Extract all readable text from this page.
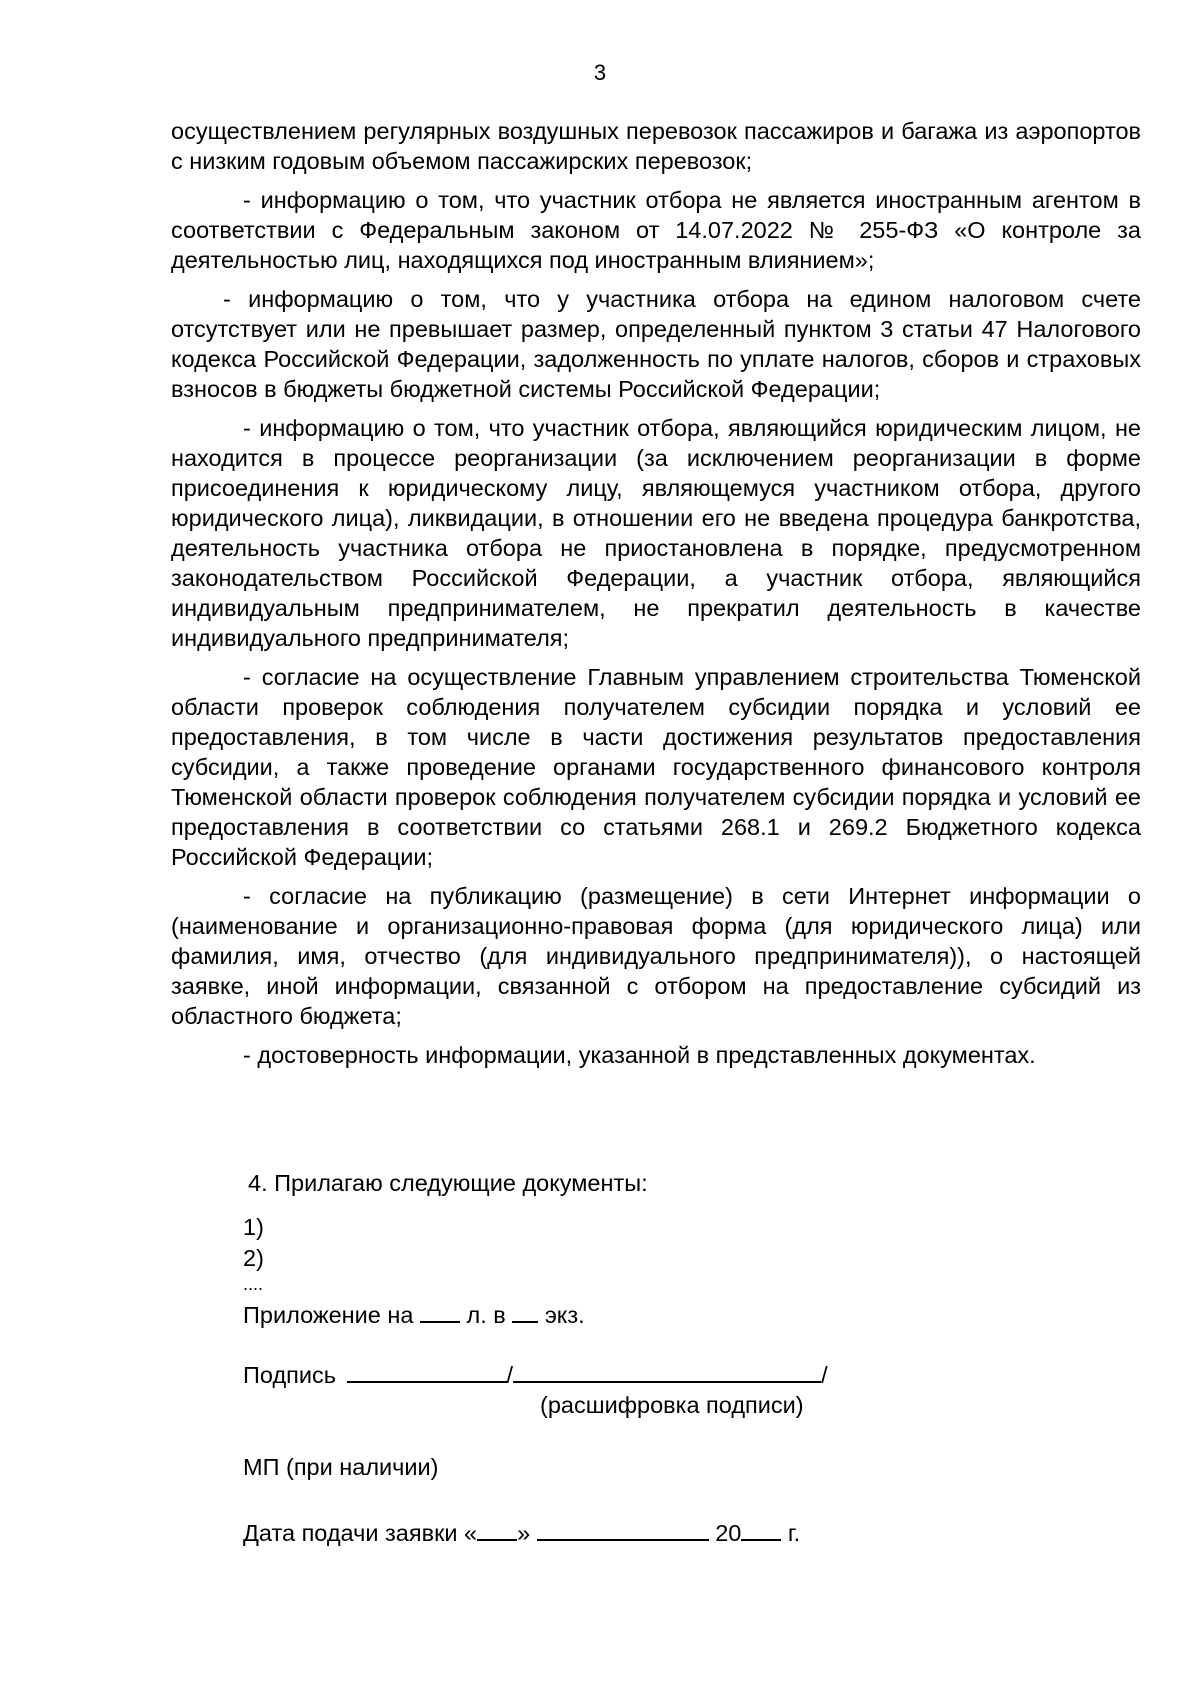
3

осуществлением регулярных воздушных перевозок пассажиров и багажа из аэропортов с низким годовым объемом пассажирских перевозок;

- информацию о том, что участник отбора не является иностранным агентом в соответствии с Федеральным законом от 14.07.2022 № 255-ФЗ «О контроле за деятельностью лиц, находящихся под иностранным влиянием»;

- информацию о том, что у участника отбора на едином налоговом счете отсутствует или не превышает размер, определенный пунктом 3 статьи 47 Налогового кодекса Российской Федерации, задолженность по уплате налогов, сборов и страховых взносов в бюджеты бюджетной системы Российской Федерации;

- информацию о том, что участник отбора, являющийся юридическим лицом, не находится в процессе реорганизации (за исключением реорганизации в форме присоединения к юридическому лицу, являющемуся участником отбора, другого юридического лица), ликвидации, в отношении его не введена процедура банкротства, деятельность участника отбора не приостановлена в порядке, предусмотренном законодательством Российской Федерации, а участник отбора, являющийся индивидуальным предпринимателем, не прекратил деятельность в качестве индивидуального предпринимателя;

- согласие на осуществление Главным управлением строительства Тюменской области проверок соблюдения получателем субсидии порядка и условий ее предоставления, в том числе в части достижения результатов предоставления субсидии, а также проведение органами государственного финансового контроля Тюменской области проверок соблюдения получателем субсидии порядка и условий ее предоставления в соответствии со статьями 268.1 и 269.2 Бюджетного кодекса Российской Федерации;

- согласие на публикацию (размещение) в сети Интернет информации о (наименование и организационно-правовая форма (для юридического лица) или фамилия, имя, отчество (для индивидуального предпринимателя)), о настоящей заявке, иной информации, связанной с отбором на предоставление субсидий из областного бюджета;

- достоверность информации, указанной в представленных документах.

4. Прилагаю следующие документы:
1)
2)
....
Приложение на л. в экз.
Подпись	/	/
(расшифровка подписи)
МП (при наличии)
Дата подачи заявки « »	20 г.
